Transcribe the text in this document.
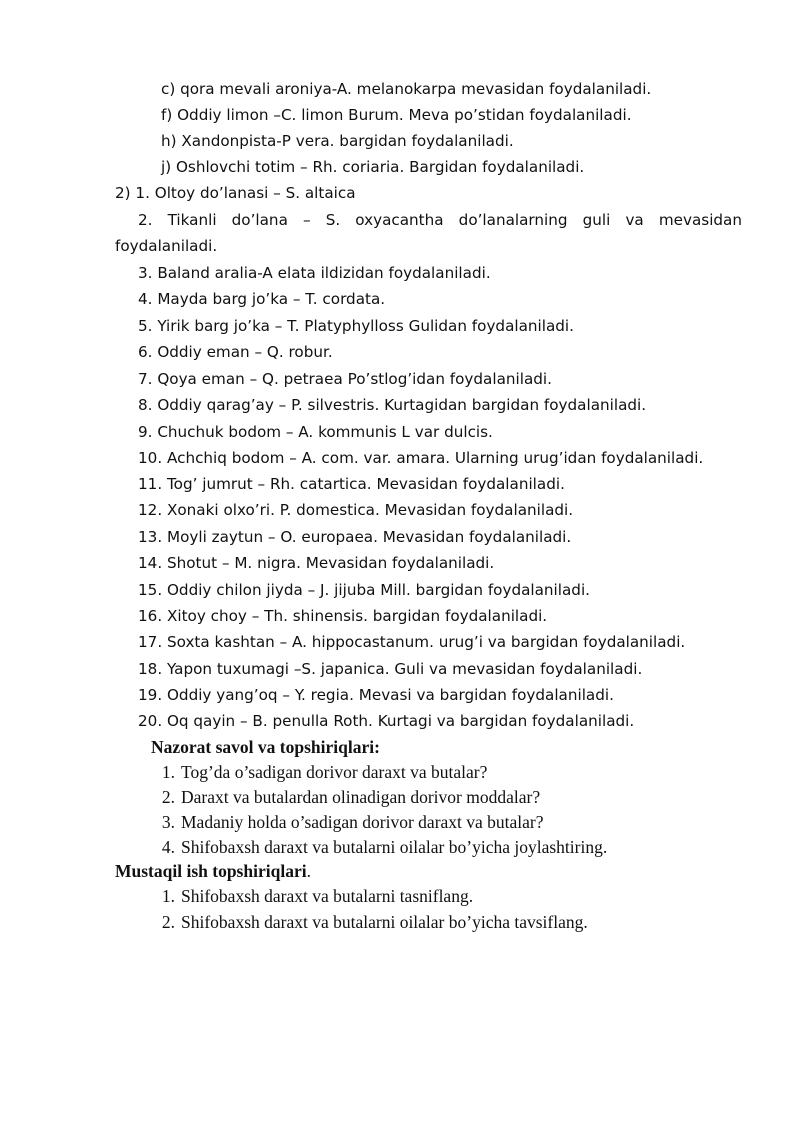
c) qora mevali aroniya-A. melanokarpa mevasidan foydalaniladi.
f) Oddiy limon –C. limon Burum. Meva po’stidan foydalaniladi.
h) Xandonpista-P vera. bargidan foydalaniladi.
j) Oshlovchi totim – Rh. coriaria. Bargidan foydalaniladi.
2) 1. Oltoy do’lanasi – S. altaica
2. Tikanli do’lana – S. oxyacantha do’lanalarning guli va mevasidan
foydalaniladi.
3. Baland aralia-A elata ildizidan foydalaniladi.
4. Mayda barg jo’ka – T. cordata.
5. Yirik barg jo’ka – T. Platyphylloss Gulidan foydalaniladi.
6. Oddiy eman – Q. robur.
7. Qoya eman – Q. petraea Po’stlog’idan foydalaniladi.
8. Oddiy qarag’ay – P. silvestris. Kurtagidan bargidan foydalaniladi.
9. Chuchuk bodom – A. kommunis L var dulcis.
10. Achchiq bodom – A. com. var. amara. Ularning urug’idan foydalaniladi.
11. Tog’ jumrut – Rh. catartica. Mevasidan foydalaniladi.
12. Xonaki olxo’ri. P. domestica. Mevasidan foydalaniladi.
13. Moyli zaytun – O. europaea. Mevasidan foydalaniladi.
14. Shotut – M. nigra. Mevasidan foydalaniladi.
15. Oddiy chilon jiyda – J. jijuba Mill. bargidan foydalaniladi.
16. Xitoy choy – Th. shinensis. bargidan foydalaniladi.
17. Soxta kashtan – A. hippocastanum. urug’i va bargidan foydalaniladi.
18. Yapon tuxumagi –S. japanica. Guli va mevasidan foydalaniladi.
19. Oddiy yang’oq – Y. regia. Mevasi va bargidan foydalaniladi.
20. Oq qayin – B. penulla Roth. Kurtagi va bargidan foydalaniladi.
Nazorat savol va topshiriqlari:
1. Tog’da o’sadigan dorivor daraxt va butalar?
2. Daraxt va butalardan olinadigan dorivor moddalar?
3. Madaniy holda o’sadigan dorivor daraxt va butalar?
4. Shifobaxsh daraxt va butalarni oilalar bo’yicha joylashtiring.
Mustaqil ish topshiriqlari.
1. Shifobaxsh daraxt va butalarni tasniflang.
2. Shifobaxsh daraxt va butalarni oilalar bo’yicha tavsiflang.
